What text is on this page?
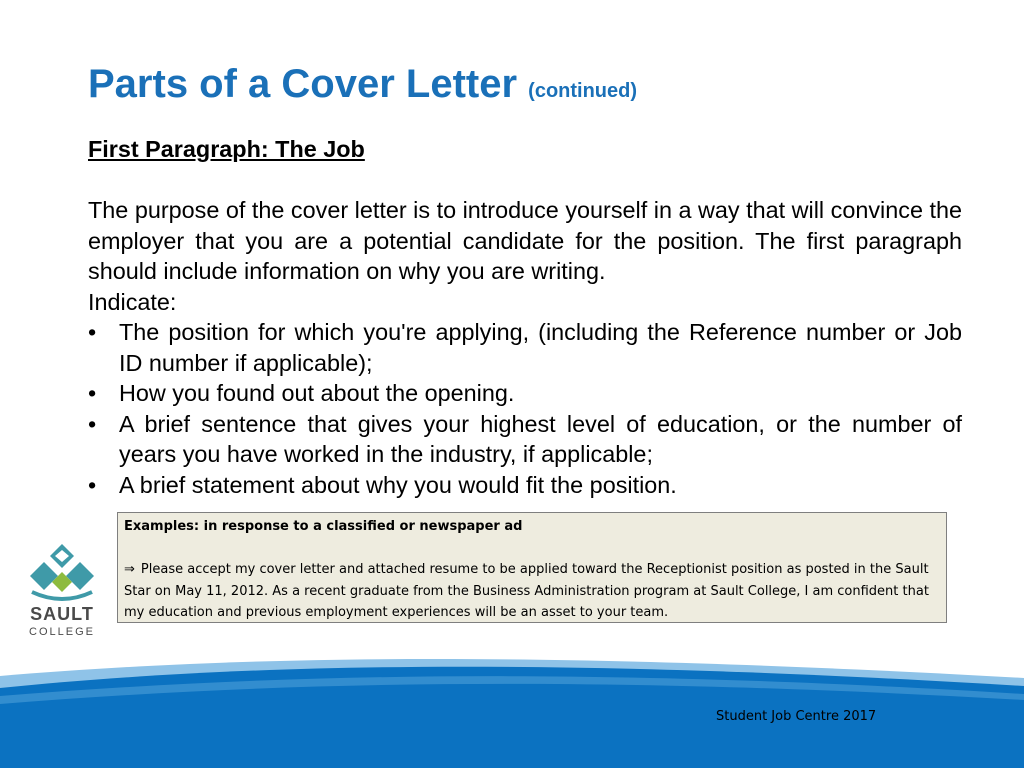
Parts of a Cover Letter (continued)

First Paragraph: The Job

The purpose of the cover letter is to introduce yourself in a way that will convince the employer that you are a potential candidate for the position. The first paragraph should include information on why you are writing.

Indicate:

• The position for which you're applying, (including the Reference number or Job ID number if applicable);
• How you found out about the opening.
• A brief sentence that gives your highest level of education, or the number of years you have worked in the industry, if applicable;
• A brief statement about why you would fit the position.

Examples: in response to a classified or newspaper ad

⇒ Please accept my cover letter and attached resume to be applied toward the Receptionist position as posted in the Sault Star on May 11, 2012. As a recent graduate from the Business Administration program at Sault College, I am confident that my education and previous employment experiences will be an asset to your team.

SAULT
COLLEGE
Student Job Centre 2017
